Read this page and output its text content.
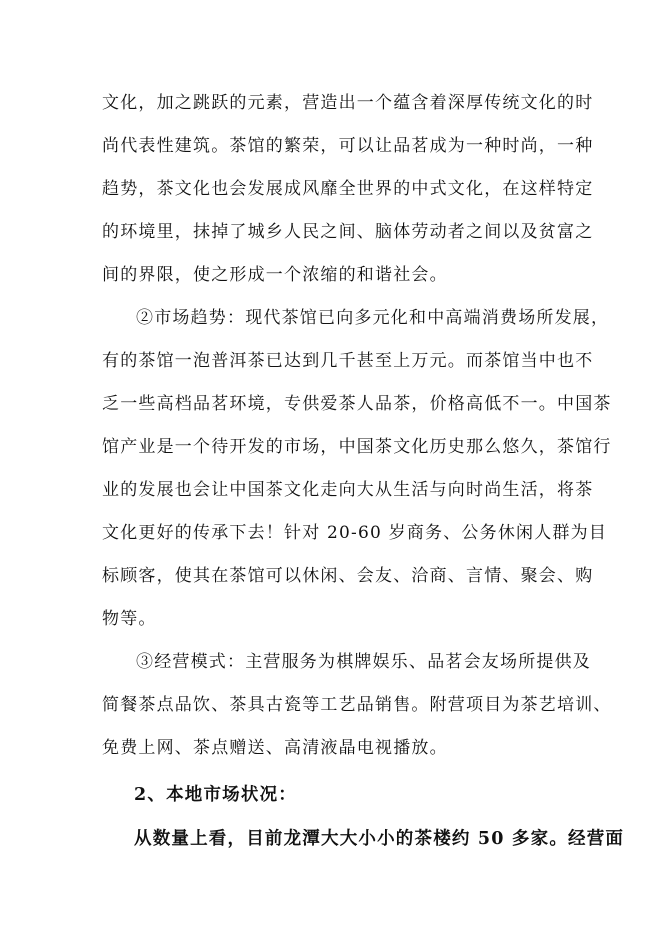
文化，加之跳跃的元素，营造出一个蕴含着深厚传统文化的时
尚代表性建筑。茶馆的繁荣，可以让品茗成为一种时尚，一种
趋势，茶文化也会发展成风靡全世界的中式文化，在这样特定
的环境里，抹掉了城乡人民之间、脑体劳动者之间以及贫富之
间的界限，使之形成一个浓缩的和谐社会。
②市场趋势：现代茶馆已向多元化和中高端消费场所发展，
有的茶馆一泡普洱茶已达到几千甚至上万元。而茶馆当中也不
乏一些高档品茗环境，专供爱茶人品茶，价格高低不一。中国茶
馆产业是一个待开发的市场，中国茶文化历史那么悠久，茶馆行
业的发展也会让中国茶文化走向大从生活与向时尚生活，将茶
文化更好的传承下去！针对 20-60 岁商务、公务休闲人群为目
标顾客，使其在茶馆可以休闲、会友、洽商、言情、聚会、购
物等。
③经营模式：主营服务为棋牌娱乐、品茗会友场所提供及
简餐茶点品饮、茶具古瓷等工艺品销售。附营项目为茶艺培训、
免费上网、茶点赠送、高清液晶电视播放。
2、本地市场状况：
从数量上看，目前龙潭大大小小的茶楼约 50 多家。经营面
